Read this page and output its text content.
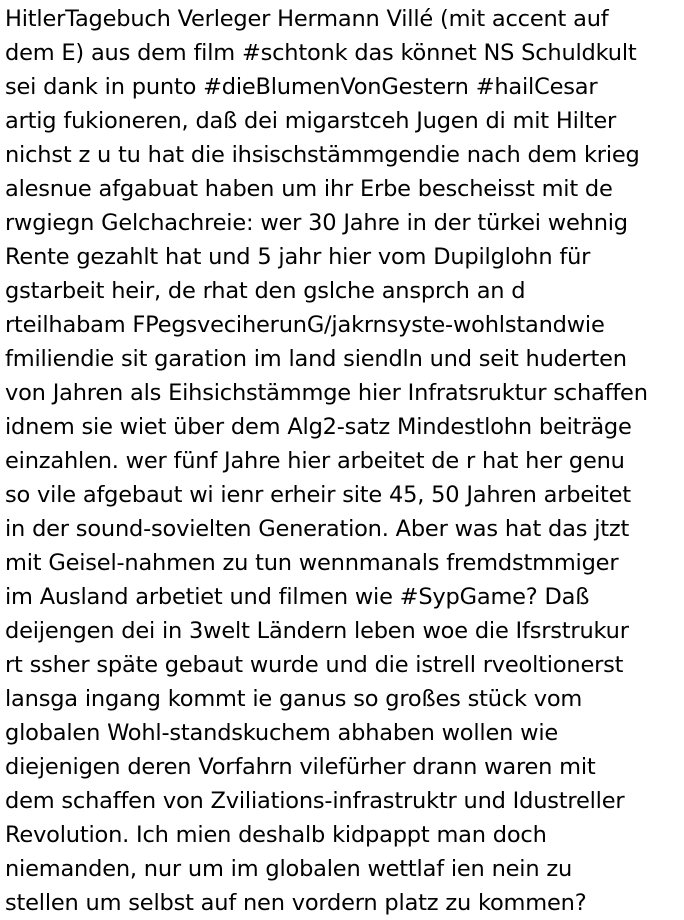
HitlerTagebuch Verleger Hermann Villé (mit accent auf
dem E) aus dem film #schtonk das könnet NS Schuldkult
sei dank in punto #dieBlumenVonGestern #hailCesar
artig fukioneren, daß dei migarstceh Jugen di mit Hilter
nichst z u tu hat die ihsischstämmgendie nach dem krieg
alesnue afgabuat haben um ihr Erbe bescheisst mit de
rwgiegn Gelchachreie: wer 30 Jahre in der türkei wehnig
Rente gezahlt hat und 5 jahr hier vom Dupilglohn für
gstarbeit heir, de rhat den gslche ansprch an d
rteilhabam FPegsveciherunG/jakrnsyste-wohlstandwie
fmiliendie sit garation im land siendln und seit huderten
von Jahren als Eihsichstämmge hier Infratsruktur schaffen
idnem sie wiet über dem Alg2-satz Mindestlohn beiträge
einzahlen. wer fünf Jahre hier arbeitet de r hat her genu
so vile afgebaut wi ienr erheir site 45, 50 Jahren arbeitet
in der sound-sovielten Generation. Aber was hat das jtzt
mit Geisel-nahmen zu tun wennmanals fremdstmmiger
im Ausland arbetiet und filmen wie #SypGame? Daß
deijengen dei in 3welt Ländern leben woe die Ifsrstrukur
rt ssher späte gebaut wurde und die istrell rveoltionerst
lansga ingang kommt ie ganus so großes stück vom
globalen Wohl-standskuchem abhaben wollen wie
diejenigen deren Vorfahrn vilefürher drann waren mit
dem schaffen von Zviliations-infrastruktr und Idustreller
Revolution. Ich mien deshalb kidpappt man doch
niemanden, nur um im globalen wettlaf ien nein zu
stellen um selbst auf nen vordern platz zu kommen?
